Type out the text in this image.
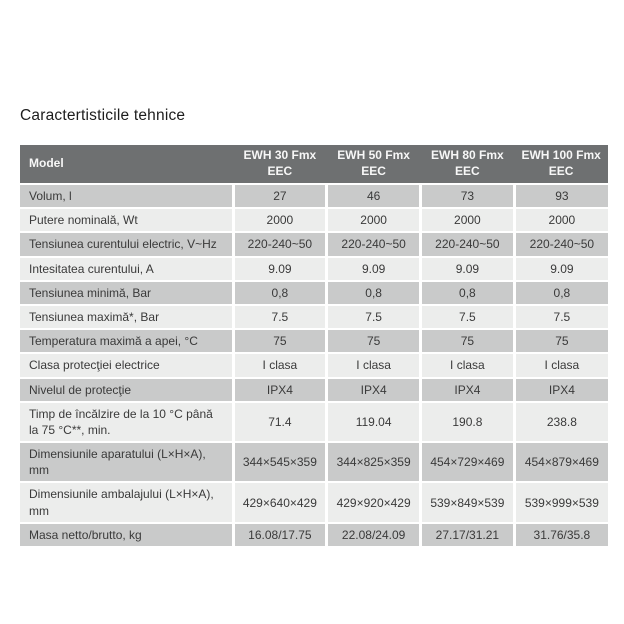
Caractertisticile tehnice
Model	EWH 30 Fmx EEC	EWH 50 Fmx EEC	EWH 80 Fmx EEC	EWH 100 Fmx EEC
Volum, l	27	46	73	93
Putere nominală, Wt	2000	2000	2000	2000
Tensiunea curentului electric, V~Hz	220-240~50	220-240~50	220-240~50	220-240~50
Intesitatea curentului, A	9.09	9.09	9.09	9.09
Tensiunea minimă, Bar	0,8	0,8	0,8	0,8
Tensiunea maximă*, Bar	7.5	7.5	7.5	7.5
Temperatura maximă a apei, °C	75	75	75	75
Clasa protecţiei electrice	I clasa	I clasa	I clasa	I clasa
Nivelul de protecţie	IPX4	IPX4	IPX4	IPX4
Timp de încălzire de la 10 °C până la 75 °C**, min.	71.4	119.04	190.8	238.8
Dimensiunile aparatului (L×H×A), mm	344×545×359	344×825×359	454×729×469	454×879×469
Dimensiunile ambalajului (L×H×A), mm	429×640×429	429×920×429	539×849×539	539×999×539
Masa netto/brutto, kg	16.08/17.75	22.08/24.09	27.17/31.21	31.76/35.8
